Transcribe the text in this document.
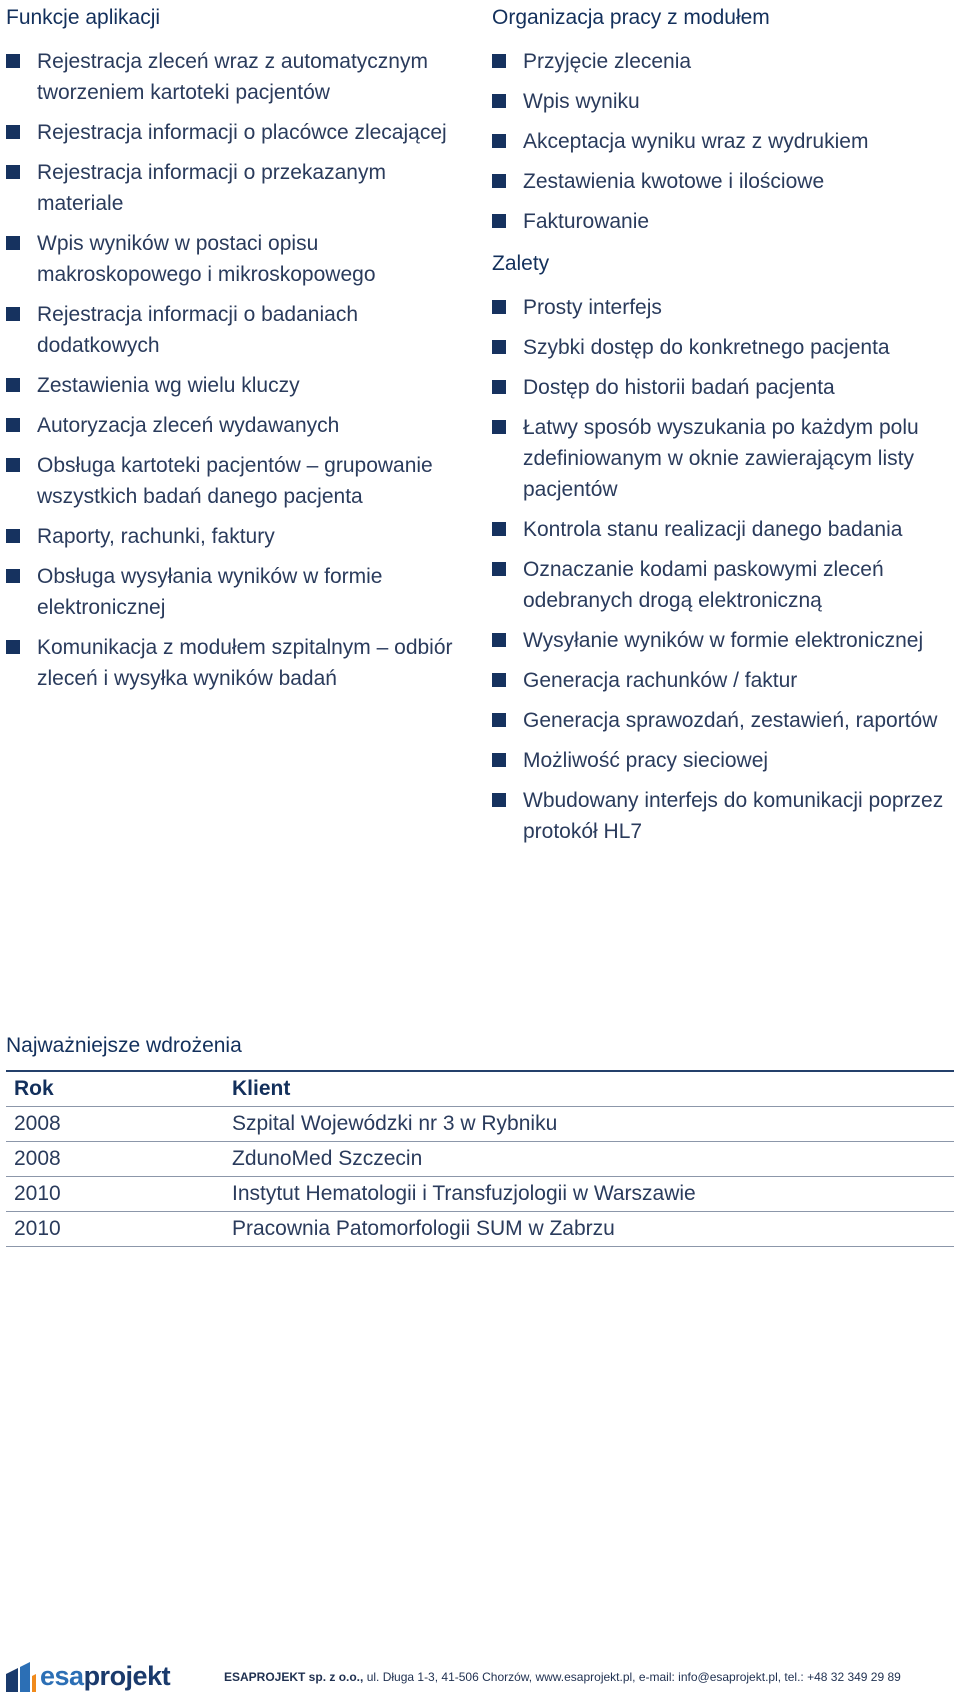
Funkcje aplikacji
Rejestracja zleceń wraz z automatycznym tworzeniem kartoteki pacjentów
Rejestracja informacji o placówce zlecającej
Rejestracja informacji o przekazanym materiale
Wpis wyników w postaci opisu makroskopowego i mikroskopowego
Rejestracja informacji o badaniach dodatkowych
Zestawienia wg wielu kluczy
Autoryzacja zleceń wydawanych
Obsługa kartoteki pacjentów – grupowanie wszystkich badań danego pacjenta
Raporty, rachunki, faktury
Obsługa wysyłania wyników w formie elektronicznej
Komunikacja z modułem szpitalnym – odbiór zleceń i wysyłka wyników badań
Organizacja pracy z modułem
Przyjęcie zlecenia
Wpis wyniku
Akceptacja wyniku wraz z wydrukiem
Zestawienia kwotowe i ilościowe
Fakturowanie
Zalety
Prosty interfejs
Szybki dostęp do konkretnego pacjenta
Dostęp do historii badań pacjenta
Łatwy sposób wyszukania po każdym polu zdefiniowanym w oknie zawierającym listy pacjentów
Kontrola stanu realizacji danego badania
Oznaczanie kodami paskowymi zleceń odebranych drogą elektroniczną
Wysyłanie wyników w formie elektronicznej
Generacja rachunków / faktur
Generacja sprawozdań, zestawień, raportów
Możliwość pracy sieciowej
Wbudowany interfejs do komunikacji poprzez protokół HL7
Najważniejsze wdrożenia
Rok	Klient
2008	Szpital Wojewódzki nr 3 w Rybniku
2008	ZdunoMed Szczecin
2010	Instytut Hematologii i Transfuzjologii w Warszawie
2010	Pracownia Patomorfologii SUM w Zabrzu
esaprojekt	ESAPROJEKT sp. z o.o., ul. Długa 1-3, 41-506 Chorzów, www.esaprojekt.pl, e-mail: info@esaprojekt.pl, tel.: +48 32 349 29 89
